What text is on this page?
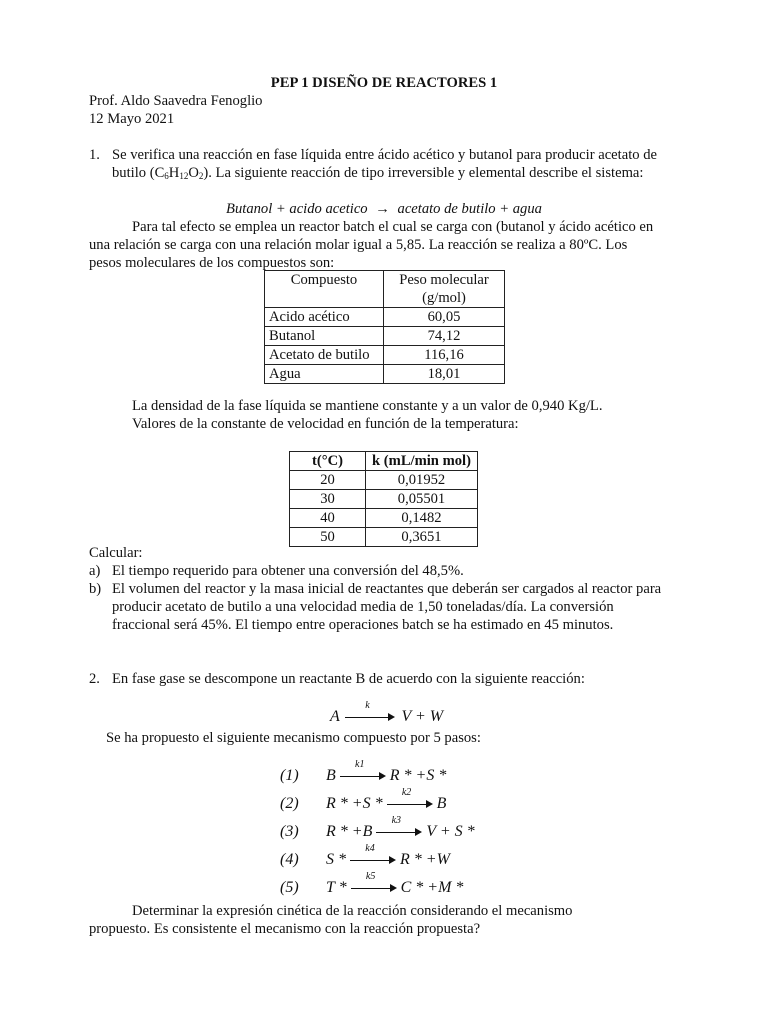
PEP 1 DISEÑO DE REACTORES 1
Prof. Aldo Saavedra Fenoglio
12 Mayo 2021
1. Se verifica una reacción en fase líquida entre ácido acético y butanol para producir acetato de
butilo $(C_6H_{12}O_2)$. La siguiente reacción de tipo irreversible y elemental describe el sistema:
Butanol + acido acetico → acetato de butilo + agua
Para tal efecto se emplea un reactor batch el cual se carga con (butanol y ácido acético en
una relación se carga con una relación molar igual a 5,85. La reacción se realiza a 80ºC. Los
pesos moleculares de los compuestos son:
Compuesto	Peso molecular
(g/mol)

Acido acético	60,05
Butanol	74,12
Acetato de butilo	116,16
Agua	18,01
La densidad de la fase líquida se mantiene constante y a un valor de 0,940 Kg/L.
Valores de la constante de velocidad en función de la temperatura:
t(°C)	k (mL/min mol)
20	0,01952
30	0,05501
40	0,1482
50	0,3651
Calcular:
a) El tiempo requerido para obtener una conversión del 48,5%.
b) El volumen del reactor y la masa inicial de reactantes que deberán ser cargados al reactor para
producir acetato de butilo a una velocidad media de 1,50 toneladas/día. La conversión
fraccional será 45%. El tiempo entre operaciones batch se ha estimado en 45 minutos.
2. En fase gase se descompone un reactante B de acuerdo con la siguiente reacción:
A
k
V + W
Se ha propuesto el siguiente mecanismo compuesto por 5 pasos:
(1) B
k1
R * +S *
(2) R * +S *
k2
B
(3) R * +B
k3
V + S *
(4) S *
k4
R * +W
(5) T *
k5
C * +M *
Determinar la expresión cinética de la reacción considerando el mecanismo
propuesto. Es consistente el mecanismo con la reacción propuesta?
